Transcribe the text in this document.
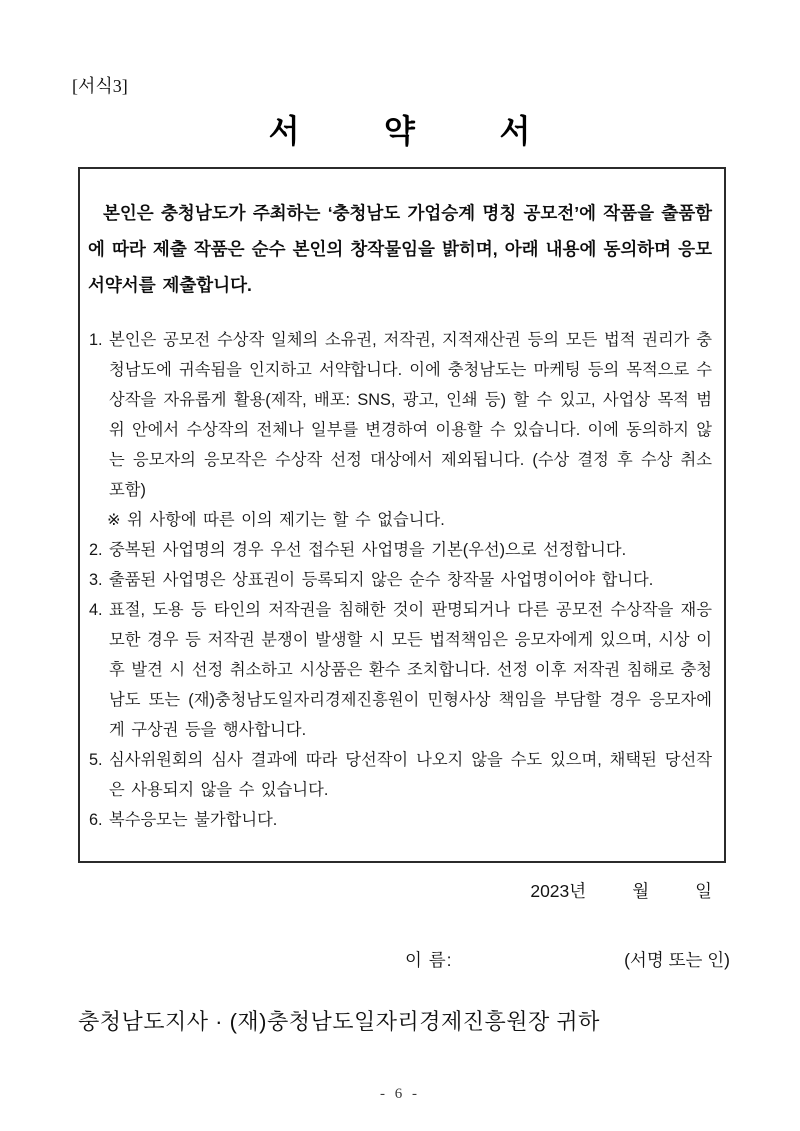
[서식3]
서 약 서
본인은 충청남도가 주최하는 ‘충청남도 가업승계 명칭 공모전’에 작품을 출품함에 따라 제출 작품은 순수 본인의 창작물임을 밝히며, 아래 내용에 동의하며 응모 서약서를 제출합니다.
1. 본인은 공모전 수상작 일체의 소유권, 저작권, 지적재산권 등의 모든 법적 권리가 충청남도에 귀속됨을 인지하고 서약합니다. 이에 충청남도는 마케팅 등의 목적으로 수상작을 자유롭게 활용(제작, 배포: SNS, 광고, 인쇄 등) 할 수 있고, 사업상 목적 범위 안에서 수상작의 전체나 일부를 변경하여 이용할 수 있습니다. 이에 동의하지 않는 응모자의 응모작은 수상작 선정 대상에서 제외됩니다. (수상 결정 후 수상 취소 포함)
※ 위 사항에 따른 이의 제기는 할 수 없습니다.
2. 중복된 사업명의 경우 우선 접수된 사업명을 기본(우선)으로 선정합니다.
3. 출품된 사업명은 상표권이 등록되지 않은 순수 창작물 사업명이어야 합니다.
4. 표절, 도용 등 타인의 저작권을 침해한 것이 판명되거나 다른 공모전 수상작을 재응모한 경우 등 저작권 분쟁이 발생할 시 모든 법적책임은 응모자에게 있으며, 시상 이후 발견 시 선정 취소하고 시상품은 환수 조치합니다. 선정 이후 저작권 침해로 충청남도 또는 (재)충청남도일자리경제진흥원이 민형사상 책임을 부담할 경우 응모자에게 구상권 등을 행사합니다.
5. 심사위원회의 심사 결과에 따라 당선작이 나오지 않을 수도 있으며, 채택된 당선작은 사용되지 않을 수 있습니다.
6. 복수응모는 불가합니다.
2023년	월	일
이 름:	(서명 또는 인)
충청남도지사 · (재)충청남도일자리경제진흥원장 귀하
- 6 -
